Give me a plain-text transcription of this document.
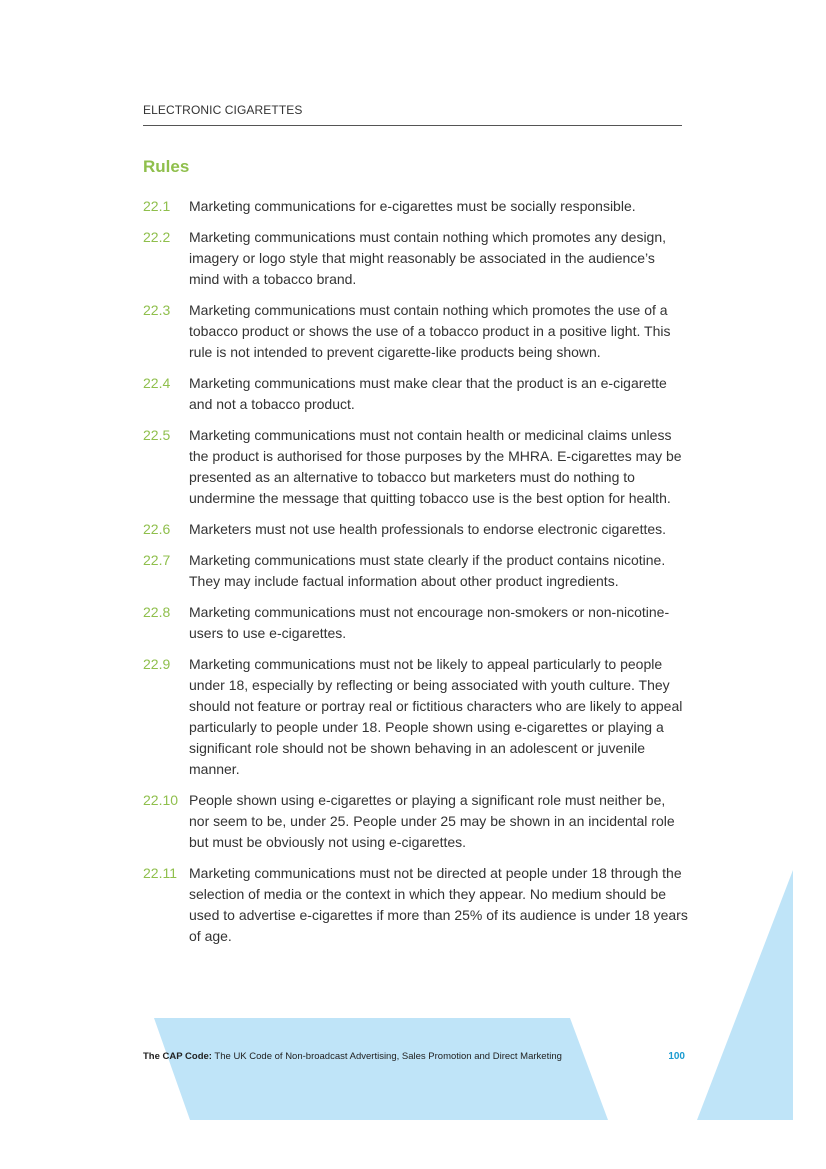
ELECTRONIC CIGARETTES
Rules
22.1	Marketing communications for e-cigarettes must be socially responsible.
22.2	Marketing communications must contain nothing which promotes any design, imagery or logo style that might reasonably be associated in the audience’s mind with a tobacco brand.
22.3	Marketing communications must contain nothing which promotes the use of a tobacco product or shows the use of a tobacco product in a positive light. This rule is not intended to prevent cigarette-like products being shown.
22.4	Marketing communications must make clear that the product is an e-cigarette and not a tobacco product.
22.5	Marketing communications must not contain health or medicinal claims unless the product is authorised for those purposes by the MHRA. E-cigarettes may be presented as an alternative to tobacco but marketers must do nothing to undermine the message that quitting tobacco use is the best option for health.
22.6	Marketers must not use health professionals to endorse electronic cigarettes.
22.7	Marketing communications must state clearly if the product contains nicotine. They may include factual information about other product ingredients.
22.8	Marketing communications must not encourage non-smokers or non-nicotine-users to use e-cigarettes.
22.9	Marketing communications must not be likely to appeal particularly to people under 18, especially by reflecting or being associated with youth culture. They should not feature or portray real or fictitious characters who are likely to appeal particularly to people under 18. People shown using e-cigarettes or playing a significant role should not be shown behaving in an adolescent or juvenile manner.
22.10 People shown using e-cigarettes or playing a significant role must neither be, nor seem to be, under 25. People under 25 may be shown in an incidental role but must be obviously not using e-cigarettes.
22.11 Marketing communications must not be directed at people under 18 through the selection of media or the context in which they appear. No medium should be used to advertise e-cigarettes if more than 25% of its audience is under 18 years of age.
The CAP Code: The UK Code of Non-broadcast Advertising, Sales Promotion and Direct Marketing	100
